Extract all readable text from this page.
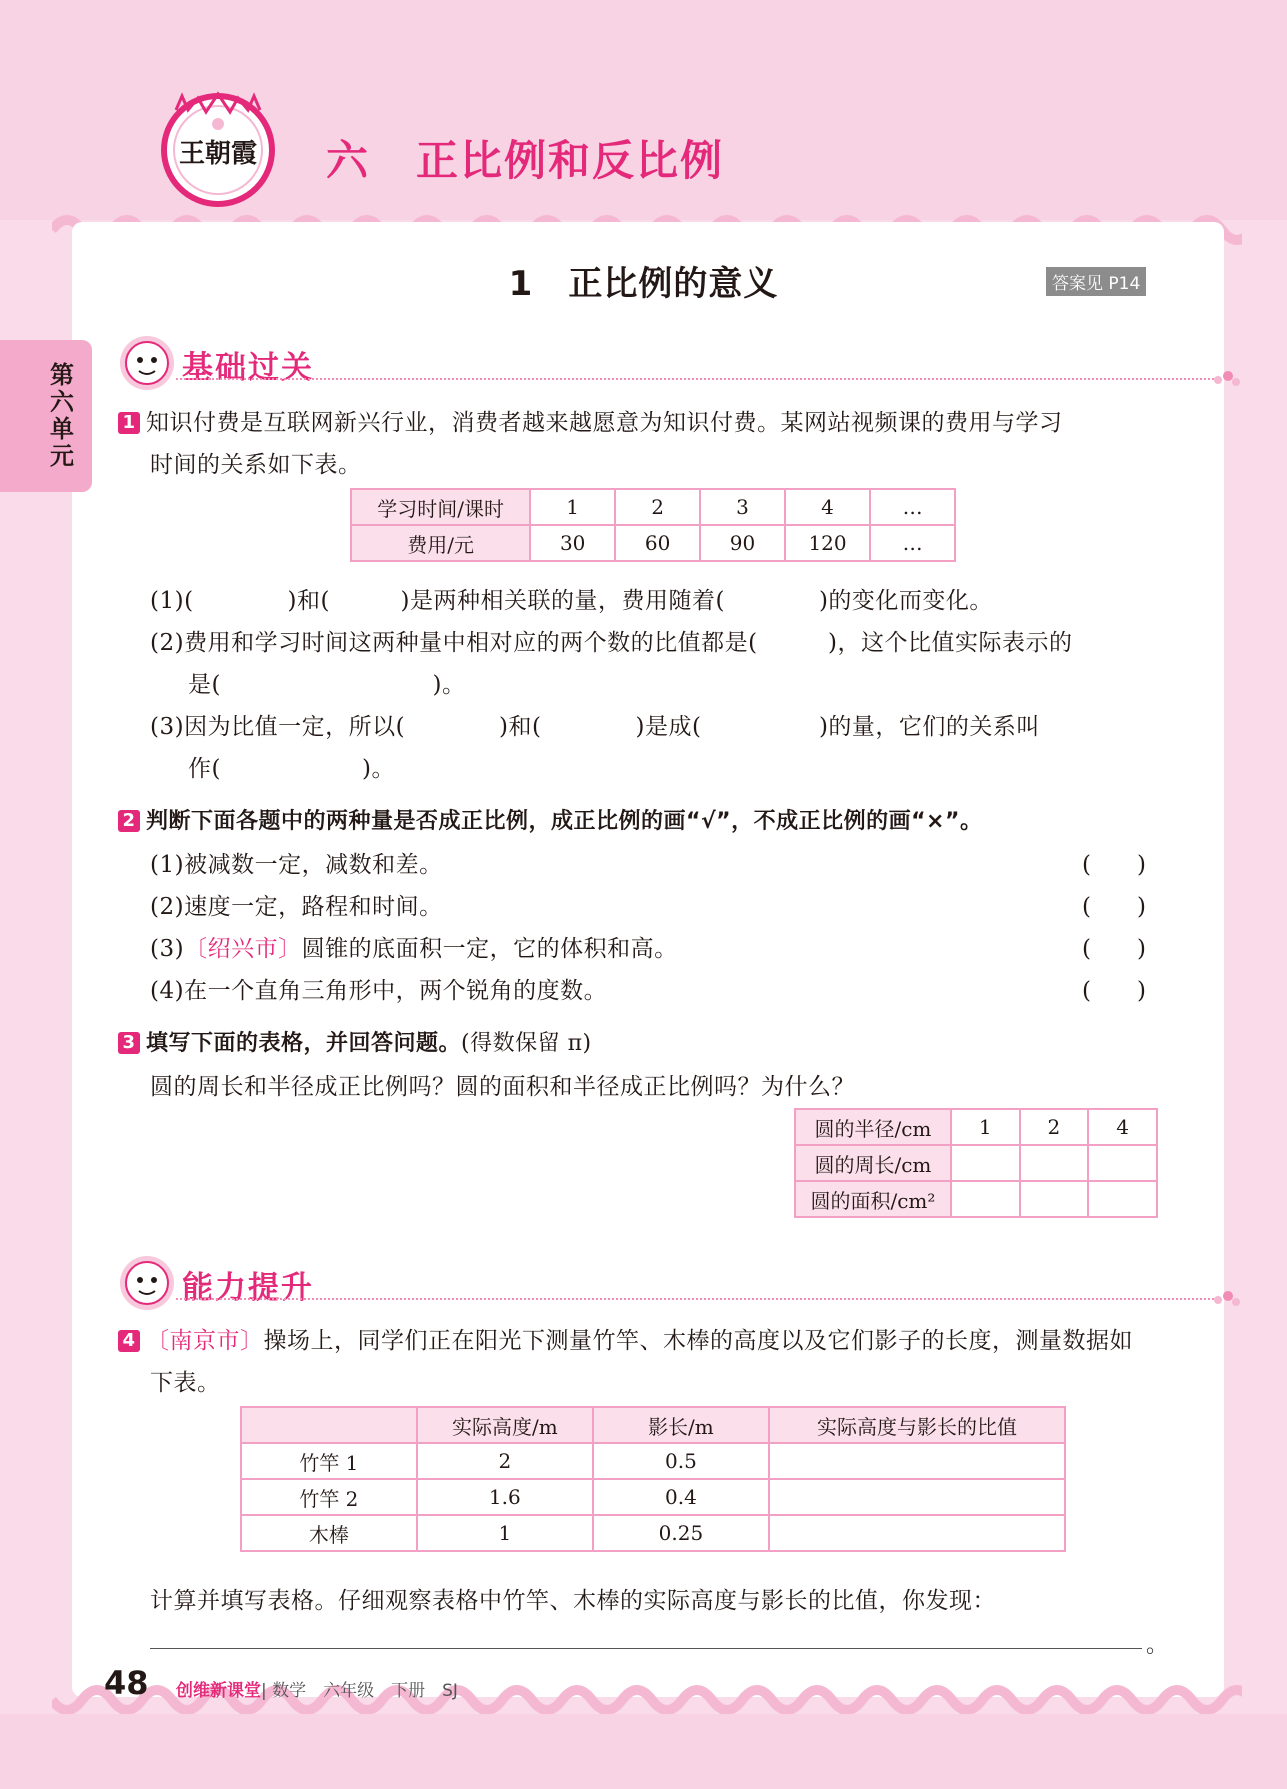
王朝霞 六 正比例和反比例
第六单元
1　正比例的意义	答案见 P14
基础过关
1 知识付费是互联网新兴行业，消费者越来越愿意为知识付费。某网站视频课的费用与学习
时间的关系如下表。
学习时间/课时	1	2	3	4	…
费用/元	30	60	90	120	…
(1)(　　　　)和(　　　)是两种相关联的量，费用随着(　　　　)的变化而变化。
(2)费用和学习时间这两种量中相对应的两个数的比值都是(　　　)，这个比值实际表示的
是(　　　　　　　　　)。
(3)因为比值一定，所以(　　　　)和(　　　　)是成(　　　　　)的量，它们的关系叫
作(　　　　　　)。
2 判断下面各题中的两种量是否成正比例，成正比例的画“√”，不成正比例的画“×”。
(1)被减数一定，减数和差。	(　　)
(2)速度一定，路程和时间。	(　　)
(3)〔绍兴市〕圆锥的底面积一定，它的体积和高。	(　　)
(4)在一个直角三角形中，两个锐角的度数。	(　　)
3 填写下面的表格，并回答问题。(得数保留 π)
圆的周长和半径成正比例吗？圆的面积和半径成正比例吗？为什么？
圆的半径/cm	1	2	4
圆的周长/cm			
圆的面积/cm²			
能力提升
4 〔南京市〕操场上，同学们正在阳光下测量竹竿、木棒的高度以及它们影子的长度，测量数据如
下表。
	实际高度/m	影长/m	实际高度与影长的比值
竹竿 1	2	0.5	
竹竿 2	1.6	0.4	
木棒	1	0.25	
计算并填写表格。仔细观察表格中竹竿、木棒的实际高度与影长的比值，你发现：
。
48 创维新课堂| 数学　六年级　下册　SJ
